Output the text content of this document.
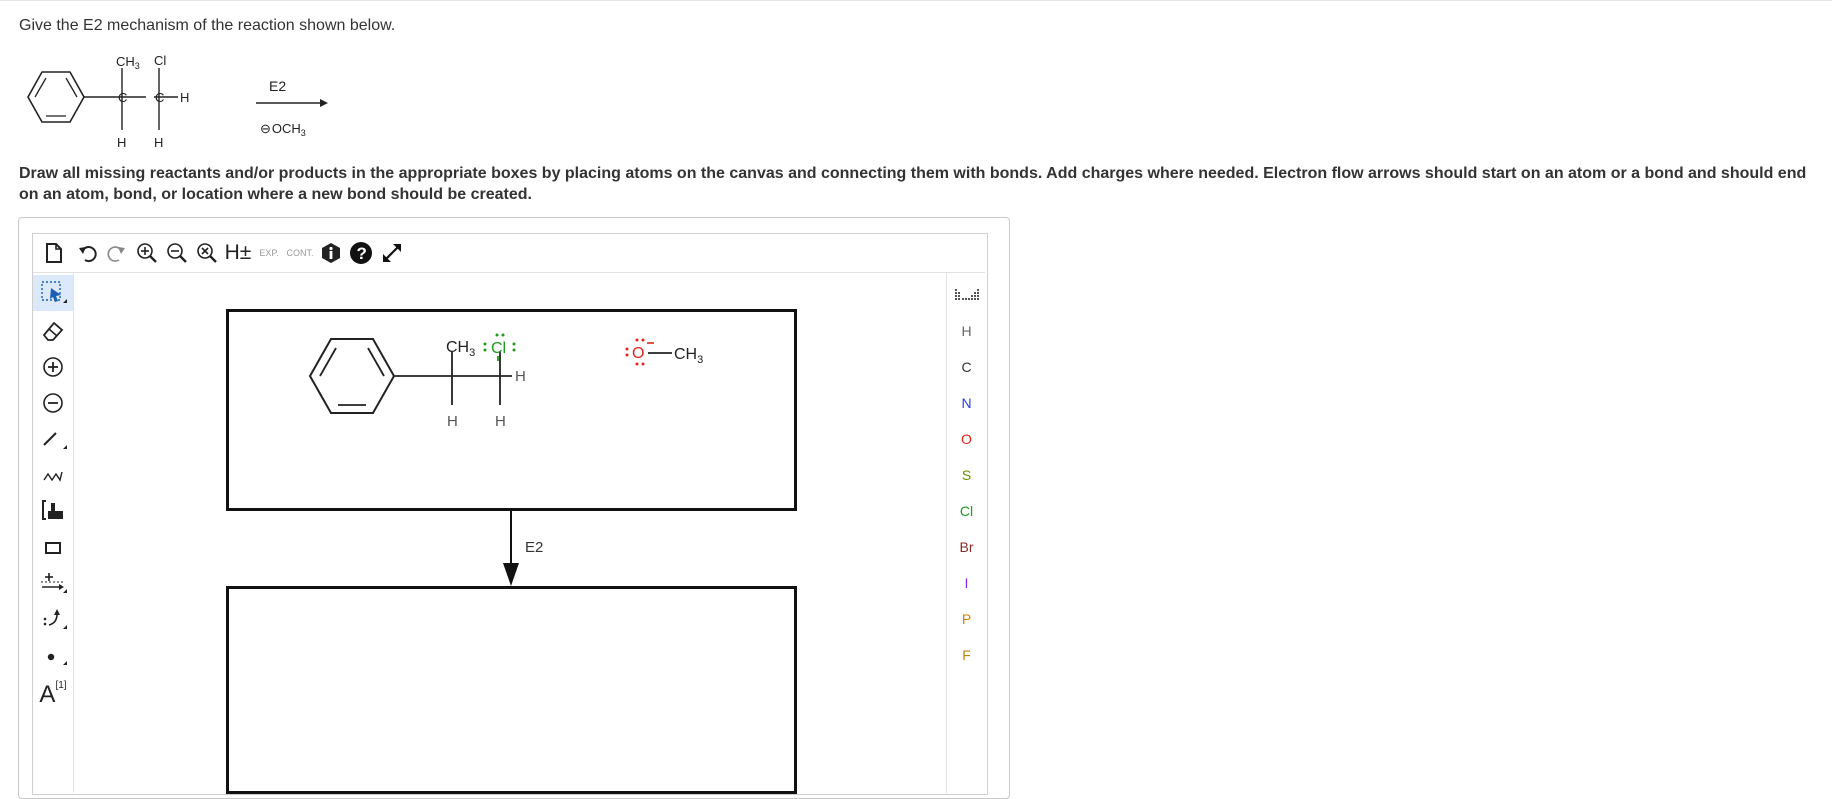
Give the E2 mechanism of the reaction shown below.
C C
$CH_3$ Cl
H
H H
E2
$⊖OCH_3$
Draw all missing reactants and/or products in the appropriate boxes by placing atoms on the canvas and connecting them with bonds. Add charges where needed. Electron flow arrows should start on an atom or a bond and should end on an atom, bond, or location where a new bond should be created.
H± EXP. CONT.	?
A [1]
H
C
N
O
S
Cl
Br
I
P
F
$CH_3$ Cl
H
H H
O $CH_3$
E2
